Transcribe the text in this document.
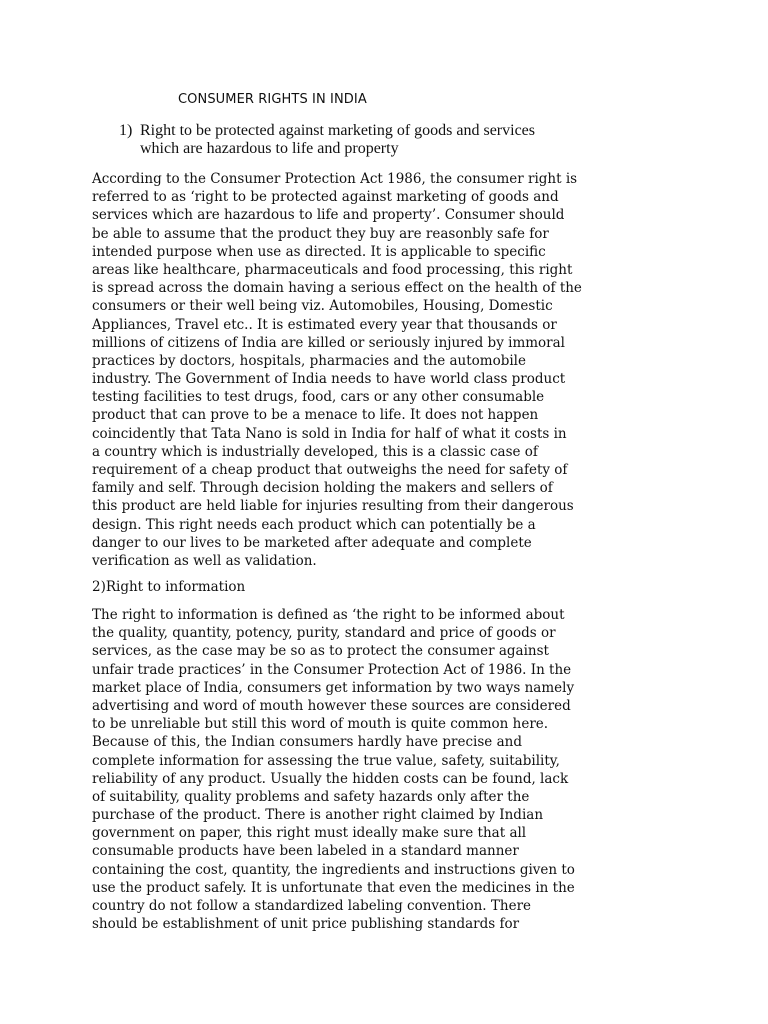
CONSUMER RIGHTS IN INDIA
1) Right to be protected against marketing of goods and services
which are hazardous to life and property
According to the Consumer Protection Act 1986, the consumer right is
referred to as ‘right to be protected against marketing of goods and
services which are hazardous to life and property’. Consumer should
be able to assume that the product they buy are reasonbly safe for
intended purpose when use as directed. It is applicable to specific
areas like healthcare, pharmaceuticals and food processing, this right
is spread across the domain having a serious effect on the health of the
consumers or their well being viz. Automobiles, Housing, Domestic
Appliances, Travel etc.. It is estimated every year that thousands or
millions of citizens of India are killed or seriously injured by immoral
practices by doctors, hospitals, pharmacies and the automobile
industry. The Government of India needs to have world class product
testing facilities to test drugs, food, cars or any other consumable
product that can prove to be a menace to life. It does not happen
coincidently that Tata Nano is sold in India for half of what it costs in
a country which is industrially developed, this is a classic case of
requirement of a cheap product that outweighs the need for safety of
family and self. Through decision holding the makers and sellers of
this product are held liable for injuries resulting from their dangerous
design. This right needs each product which can potentially be a
danger to our lives to be marketed after adequate and complete
verification as well as validation.
2)Right to information
The right to information is defined as ‘the right to be informed about
the quality, quantity, potency, purity, standard and price of goods or
services, as the case may be so as to protect the consumer against
unfair trade practices’ in the Consumer Protection Act of 1986. In the
market place of India, consumers get information by two ways namely
advertising and word of mouth however these sources are considered
to be unreliable but still this word of mouth is quite common here.
Because of this, the Indian consumers hardly have precise and
complete information for assessing the true value, safety, suitability,
reliability of any product. Usually the hidden costs can be found, lack
of suitability, quality problems and safety hazards only after the
purchase of the product. There is another right claimed by Indian
government on paper, this right must ideally make sure that all
consumable products have been labeled in a standard manner
containing the cost, quantity, the ingredients and instructions given to
use the product safely. It is unfortunate that even the medicines in the
country do not follow a standardized labeling convention. There
should be establishment of unit price publishing standards for
